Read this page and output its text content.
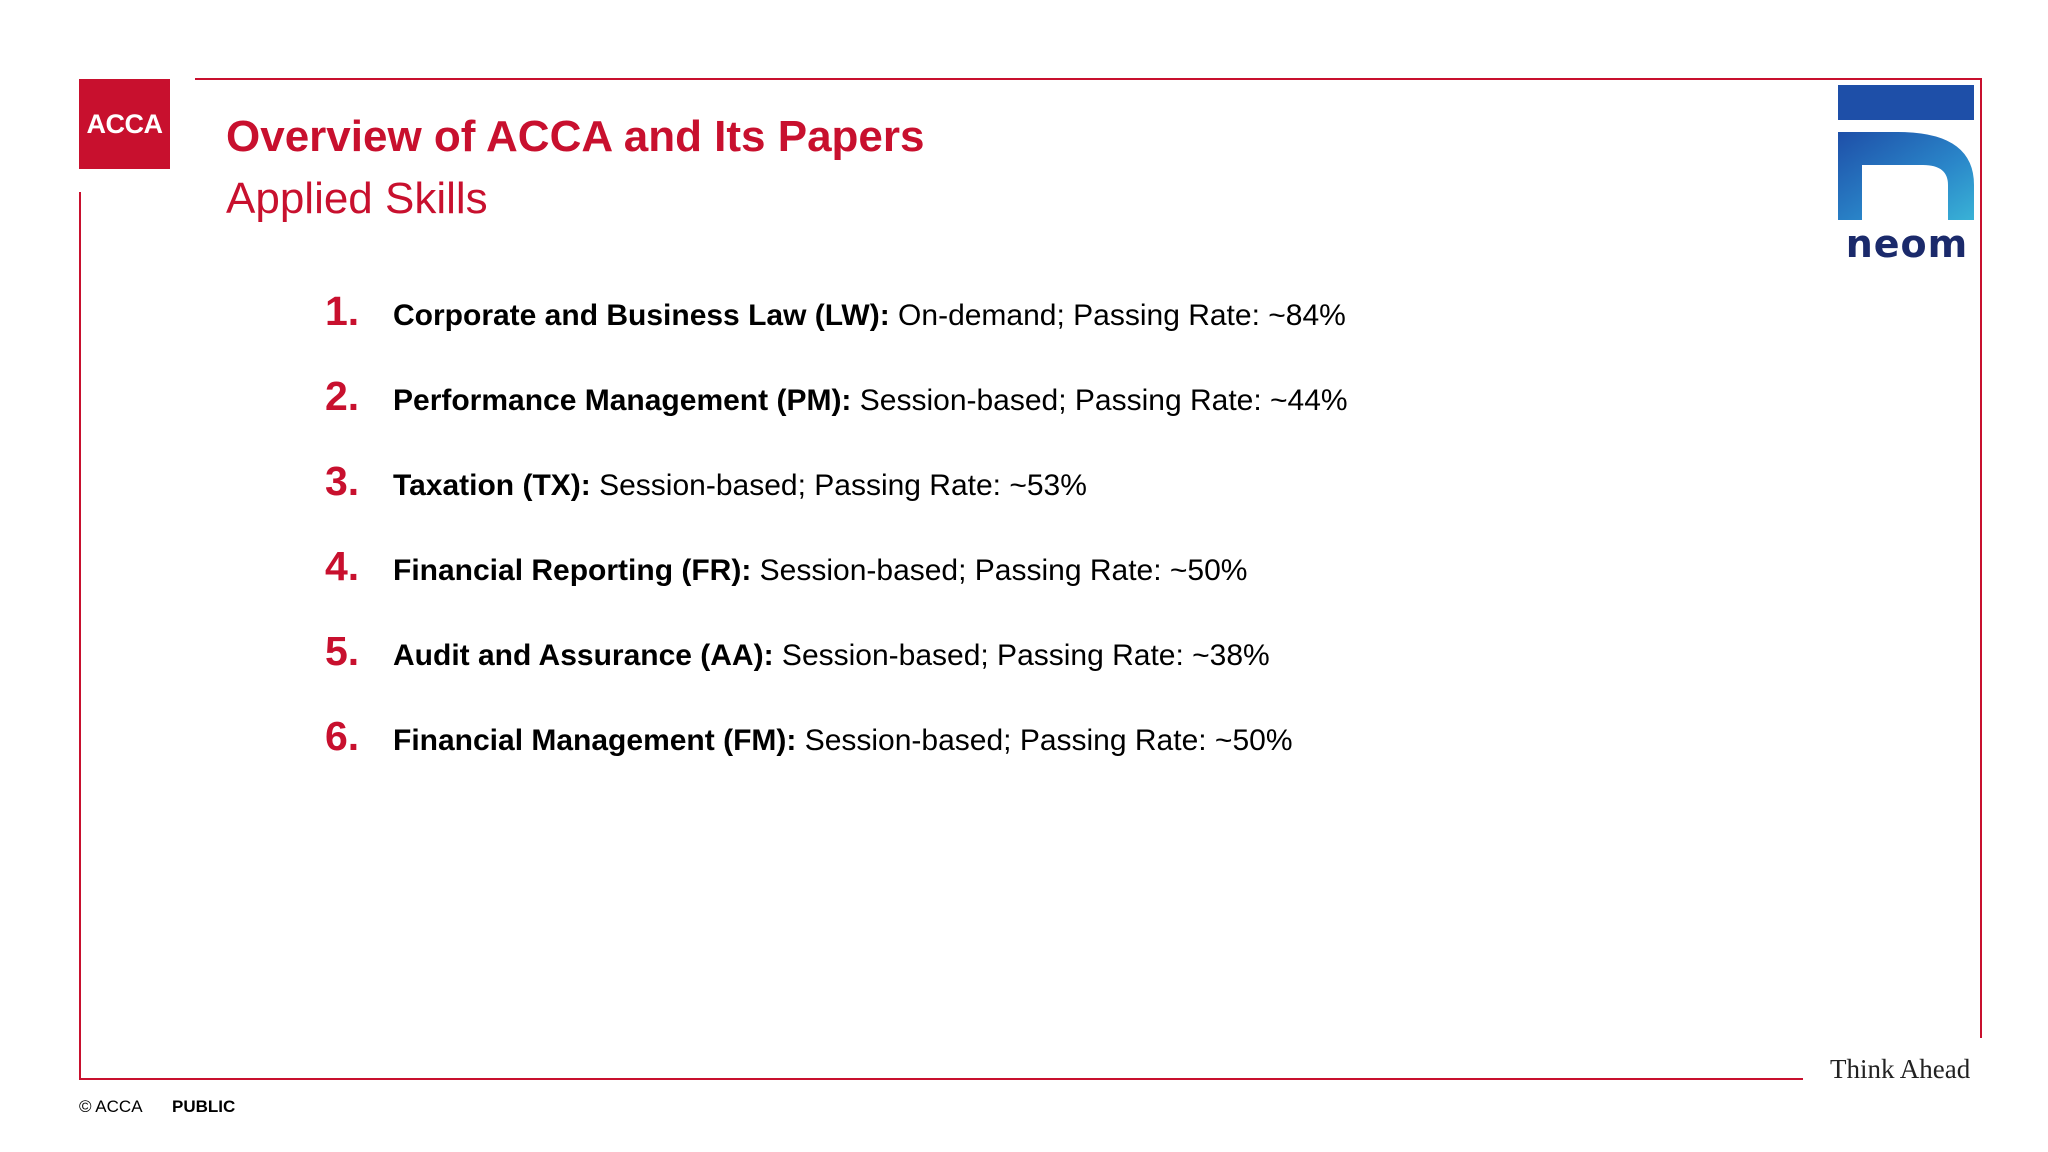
ACCA Overview of ACCA and Its Papers
Applied Skills
1.	Corporate and Business Law (LW): On-demand; Passing Rate: ~84%
2.	Performance Management (PM): Session-based; Passing Rate: ~44%
3.	Taxation (TX): Session-based; Passing Rate: ~53%
4.	Financial Reporting (FR): Session-based; Passing Rate: ~50%
5.	Audit and Assurance (AA): Session-based; Passing Rate: ~38%
6.	Financial Management (FM): Session-based; Passing Rate: ~50%
neom
Think Ahead
© ACCA PUBLIC
